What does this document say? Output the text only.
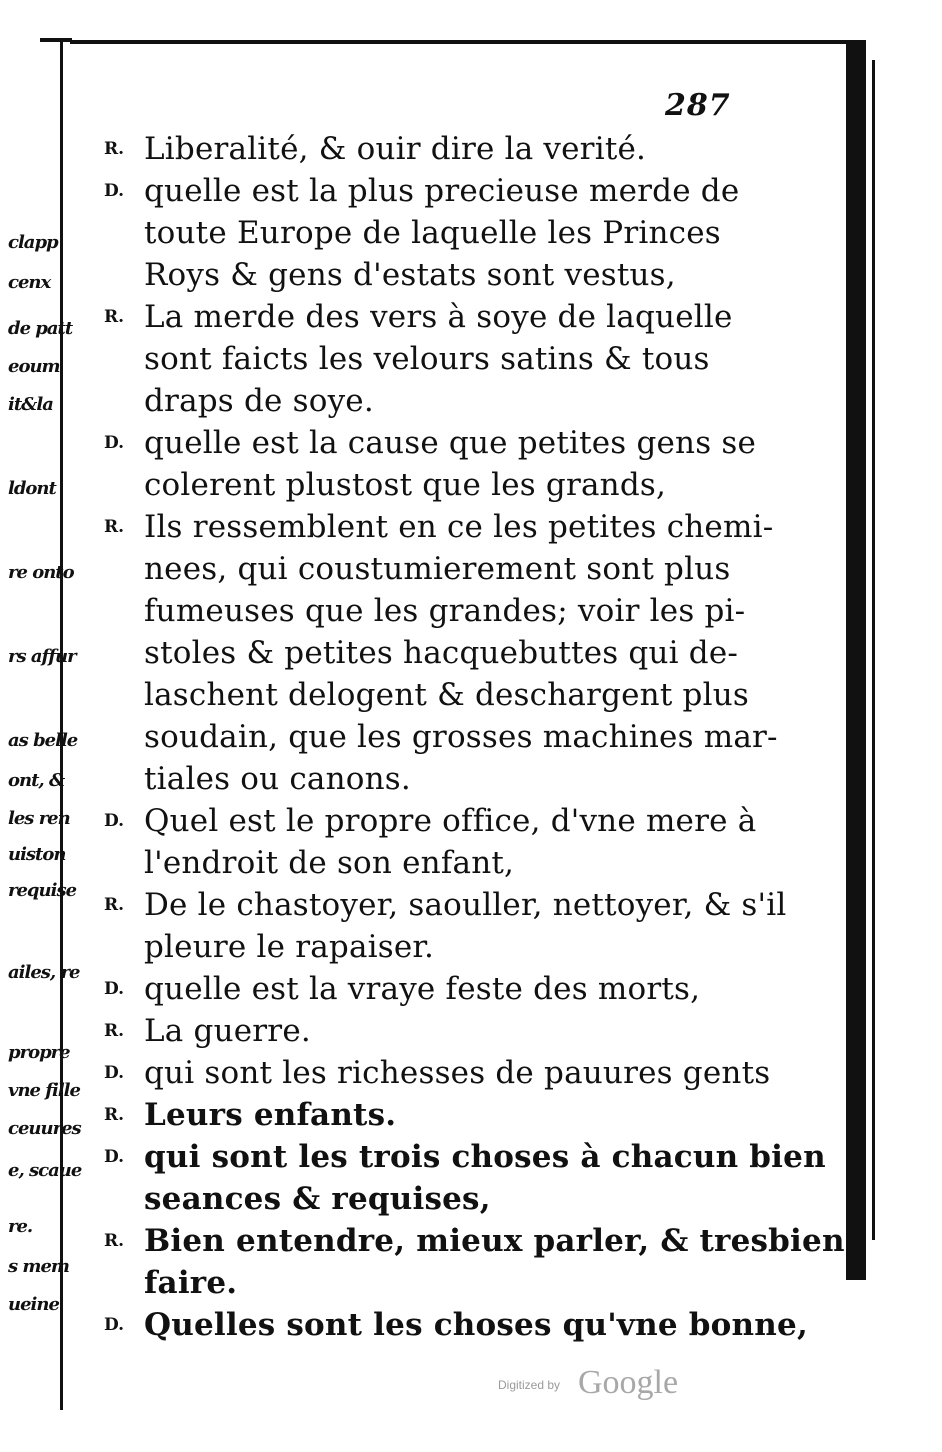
clapp
cenx
de patt
eoum
it&la
ldont
re onto
rs affur
as belle
ont, &
les ren
uiston
requise
ailes, re
propre
vne fille
ceuures
e, scaue
re.
s mem
ueine
287
R. Liberalité, & ouir dire la verité.
D. quelle est la plus precieuse merde de
toute Europe de laquelle les Princes
Roys & gens d'estats sont vestus,
R. La merde des vers à soye de laquelle
sont faicts les velours satins & tous
draps de soye.
D. quelle est la cause que petites gens se
colerent plustost que les grands,
R. Ils ressemblent en ce les petites chemi-
nees, qui coustumierement sont plus
fumeuses que les grandes; voir les pi-
stoles & petites hacquebuttes qui de-
laschent delogent & deschargent plus
soudain, que les grosses machines mar-
tiales ou canons.
D. Quel est le propre office, d'vne mere à
l'endroit de son enfant,
R. De le chastoyer, saouller, nettoyer, & s'il
pleure le rapaiser.
D. quelle est la vraye feste des morts,
R. La guerre.
D. qui sont les richesses de pauures gents
R. Leurs enfants.
D. qui sont les trois choses à chacun bien
seances & requises,
R. Bien entendre, mieux parler, & tresbien
faire.
D. Quelles sont les choses qu'vne bonne,
Digitized by Google
